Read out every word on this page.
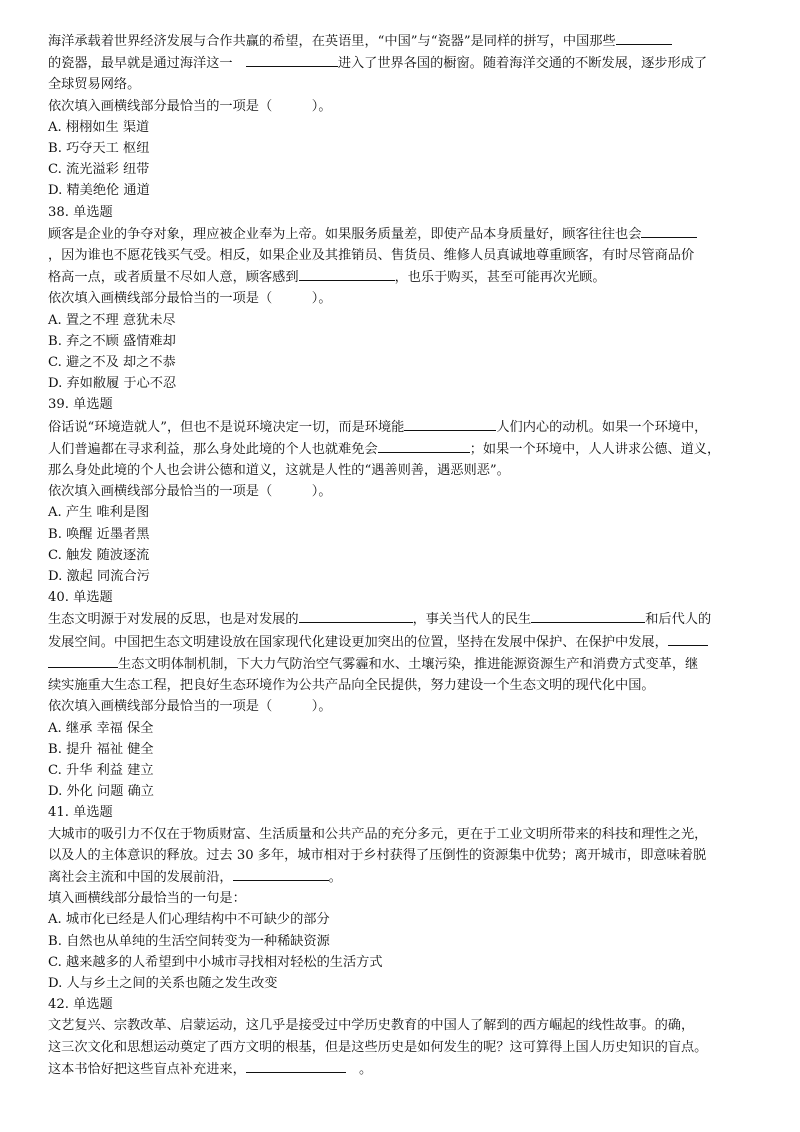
海洋承载着世界经济发展与合作共赢的希望，在英语里，“中国”与“瓷器”是同样的拼写，中国那些
的瓷器，最早就是通过海洋这一　	进入了世界各国的橱窗。随着海洋交通的不断发展，逐步形成了
全球贸易网络。
依次填入画横线部分最恰当的一项是（　　　）。
A. 栩栩如生 渠道
B. 巧夺天工 枢纽
C. 流光溢彩 纽带
D. 精美绝伦 通道
38. 单选题
顾客是企业的争夺对象，理应被企业奉为上帝。如果服务质量差，即使产品本身质量好，顾客往往也会
，因为谁也不愿花钱买气受。相反，如果企业及其推销员、售货员、维修人员真诚地尊重顾客，有时尽管商品价
格高一点，或者质量不尽如人意，顾客感到	，也乐于购买，甚至可能再次光顾。
依次填入画横线部分最恰当的一项是（　　　）。
A. 置之不理 意犹未尽
B. 弃之不顾 盛情难却
C. 避之不及 却之不恭
D. 弃如敝履 于心不忍
39. 单选题
俗话说“环境造就人”，但也不是说环境决定一切，而是环境能	人们内心的动机。如果一个环境中，
人们普遍都在寻求利益，那么身处此境的个人也就难免会	；如果一个环境中，人人讲求公德、道义，
那么身处此境的个人也会讲公德和道义，这就是人性的“遇善则善，遇恶则恶”。
依次填入画横线部分最恰当的一项是（　　　）。
A. 产生 唯利是图
B. 唤醒 近墨者黑
C. 触发 随波逐流
D. 激起 同流合污
40. 单选题
生态文明源于对发展的反思，也是对发展的	，事关当代人的民生	和后代人的
发展空间。中国把生态文明建设放在国家现代化建设更加突出的位置，坚持在发展中保护、在保护中发展，
生态文明体制机制，下大力气防治空气雾霾和水、土壤污染，推进能源资源生产和消费方式变革，继
续实施重大生态工程，把良好生态环境作为公共产品向全民提供，努力建设一个生态文明的现代化中国。
依次填入画横线部分最恰当的一项是（　　　）。
A. 继承 幸福 保全
B. 提升 福祉 健全
C. 升华 利益 建立
D. 外化 问题 确立
41. 单选题
大城市的吸引力不仅在于物质财富、生活质量和公共产品的充分多元，更在于工业文明所带来的科技和理性之光，
以及人的主体意识的释放。过去 30 多年，城市相对于乡村获得了压倒性的资源集中优势；离开城市，即意味着脱
离社会主流和中国的发展前沿，	。
填入画横线部分最恰当的一句是：
A. 城市化已经是人们心理结构中不可缺少的部分
B. 自然也从单纯的生活空间转变为一种稀缺资源
C. 越来越多的人希望到中小城市寻找相对轻松的生活方式
D. 人与乡土之间的关系也随之发生改变
42. 单选题
文艺复兴、宗教改革、启蒙运动，这几乎是接受过中学历史教育的中国人了解到的西方崛起的线性故事。的确，
这三次文化和思想运动奠定了西方文明的根基，但是这些历史是如何发生的呢？这可算得上国人历史知识的盲点。
这本书恰好把这些盲点补充进来，　	。
